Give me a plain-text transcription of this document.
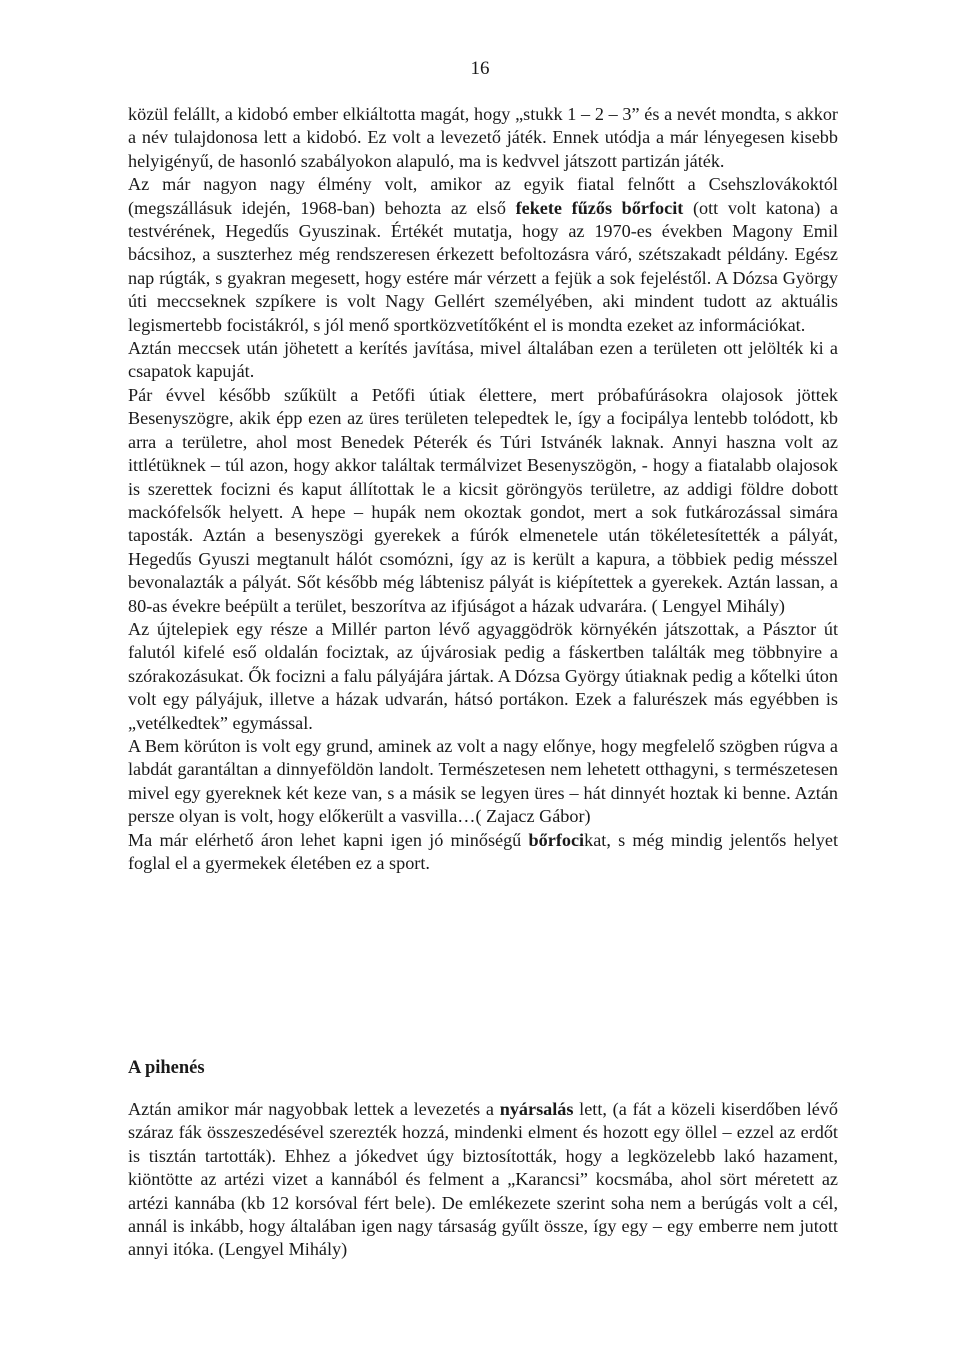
16

közül felállt, a kidobó ember elkiáltotta magát, hogy „stukk 1 – 2 – 3” és a nevét mondta, s akkor a név tulajdonosa lett a kidobó. Ez volt a levezető játék. Ennek utódja a már lényegesen kisebb helyigényű, de hasonló szabályokon alapuló, ma is kedvvel játszott partizán játék.

Az már nagyon nagy élmény volt, amikor az egyik fiatal felnőtt a Csehszlovákoktól (megszállásuk idején, 1968-ban) behozta az első fekete fűzős bőrfocit (ott volt katona) a testvérének, Hegedűs Gyuszinak. Értékét mutatja, hogy az 1970-es években Magony Emil bácsihoz, a suszterhez még rendszeresen érkezett befoltozásra váró, szétszakadt példány. Egész nap rúgták, s gyakran megesett, hogy estére már vérzett a fejük a sok fejeléstől. A Dózsa György úti meccseknek szpíkere is volt Nagy Gellért személyében, aki mindent tudott az aktuális legismertebb focistákról, s jól menő sportközvetítőként el is mondta ezeket az információkat.

Aztán meccsek után jöhetett a kerítés javítása, mivel általában ezen a területen ott jelölték ki a csapatok kapuját.

Pár évvel később szűkült a Petőfi útiak élettere, mert próbafúrásokra olajosok jöttek Besenyszögre, akik épp ezen az üres területen telepedtek le, így a focipálya lentebb tolódott, kb arra a területre, ahol most Benedek Péterék és Túri Istvánék laknak. Annyi haszna volt az ittlétüknek – túl azon, hogy akkor találtak termálvizet Besenyszögön, - hogy a fiatalabb olajosok is szerettek focizni és kaput állítottak le a kicsit göröngyös területre, az addigi földre dobott mackófelsők helyett. A hepe – hupák nem okoztak gondot, mert a sok futkározással simára taposták. Aztán a besenyszögi gyerekek a fúrók elmenetele után tökéletesítették a pályát, Hegedűs Gyuszi megtanult hálót csomózni, így az is került a kapura, a többiek pedig mésszel bevonalazták a pályát. Sőt később még lábtenisz pályát is kiépítettek a gyerekek. Aztán lassan, a 80-as évekre beépült a terület, beszorítva az ifjúságot a házak udvarára. ( Lengyel Mihály)

Az újtelepiek egy része a Millér parton lévő agyaggödrök környékén játszottak, a Pásztor út falutól kifelé eső oldalán fociztak, az újvárosiak pedig a fáskertben találták meg többnyire a szórakozásukat. Ők focizni a falu pályájára jártak. A Dózsa György útiaknak pedig a kőtelki úton volt egy pályájuk, illetve a házak udvarán, hátsó portákon. Ezek a falurészek más egyébben is „vetélkedtek” egymással.

A Bem körúton is volt egy grund, aminek az volt a nagy előnye, hogy megfelelő szögben rúgva a labdát garantáltan a dinnyeföldön landolt. Természetesen nem lehetett otthagyni, s természetesen mivel egy gyereknek két keze van, s a másik se legyen üres – hát dinnyét hoztak ki benne. Aztán persze olyan is volt, hogy előkerült a vasvilla…( Zajacz Gábor)

Ma már elérhető áron lehet kapni igen jó minőségű bőrfocikat, s még mindig jelentős helyet foglal el a gyermekek életében ez a sport.

A pihenés

Aztán amikor már nagyobbak lettek a levezetés a nyársalás lett, (a fát a közeli kiserdőben lévő száraz fák összeszedésével szerezték hozzá, mindenki elment és hozott egy öllel – ezzel az erdőt is tisztán tartották). Ehhez a jókedvet úgy biztosították, hogy a legközelebb lakó hazament, kiöntötte az artézi vizet a kannából és felment a „Karancsi” kocsmába, ahol sört méretett az artézi kannába (kb 12 korsóval fért bele). De emlékezete szerint soha nem a berúgás volt a cél, annál is inkább, hogy általában igen nagy társaság gyűlt össze, így egy – egy emberre nem jutott annyi itóka. (Lengyel Mihály)
